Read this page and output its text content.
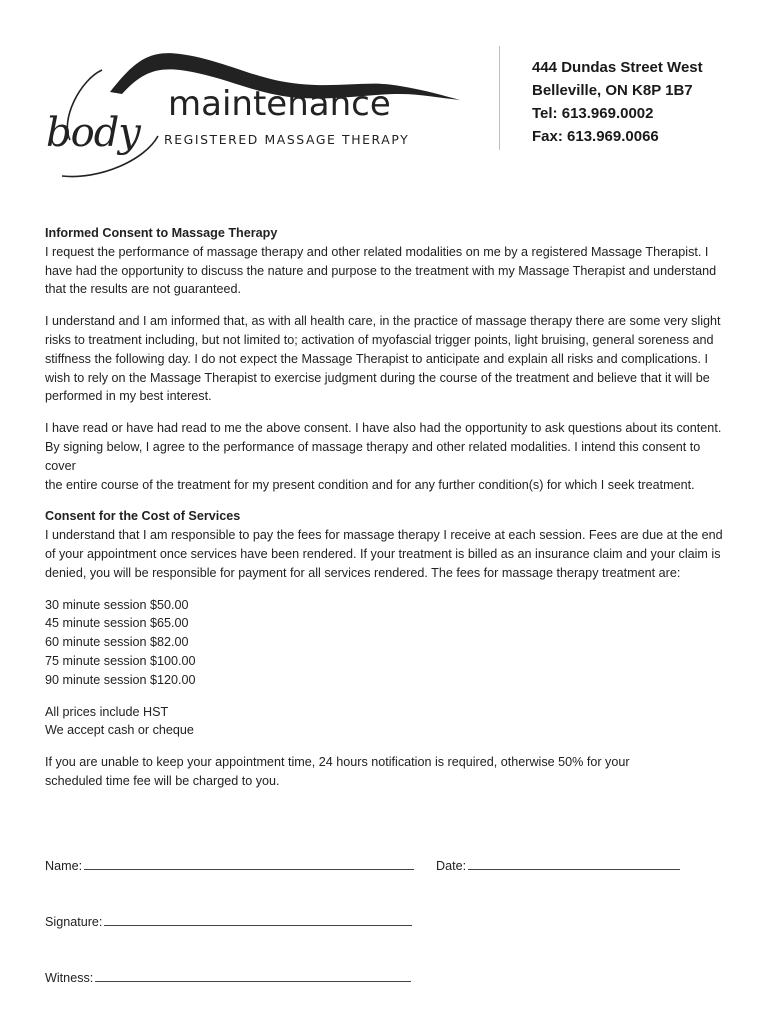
body
maintenance
REGISTERED MASSAGE THERAPY
444 Dundas Street West
Belleville, ON K8P 1B7
Tel: 613.969.0002
Fax: 613.969.0066

Informed Consent to Massage Therapy

I request the performance of massage therapy and other related modalities on me by a registered Massage Therapist. I
have had the opportunity to discuss the nature and purpose to the treatment with my Massage Therapist and understand
that the results are not guaranteed.

I understand and I am informed that, as with all health care, in the practice of massage therapy there are some very slight
risks to treatment including, but not limited to; activation of myofascial trigger points, light bruising, general soreness and
stiffness the following day. I do not expect the Massage Therapist to anticipate and explain all risks and complications. I
wish to rely on the Massage Therapist to exercise judgment during the course of the treatment and believe that it will be
performed in my best interest.

I have read or have had read to me the above consent. I have also had the opportunity to ask questions about its content.
By signing below, I agree to the performance of massage therapy and other related modalities. I intend this consent to cover
the entire course of the treatment for my present condition and for any further condition(s) for which I seek treatment.

Consent for the Cost of Services

I understand that I am responsible to pay the fees for massage therapy I receive at each session. Fees are due at the end
of your appointment once services have been rendered. If your treatment is billed as an insurance claim and your claim is
denied, you will be responsible for payment for all services rendered. The fees for massage therapy treatment are:

30 minute session $50.00
45 minute session $65.00
60 minute session $82.00
75 minute session $100.00
90 minute session $120.00

All prices include HST
We accept cash or cheque

If you are unable to keep your appointment time, 24 hours notification is required, otherwise 50% for your
scheduled time fee will be charged to you.

Name:	Date:
Signature:
Witness:
